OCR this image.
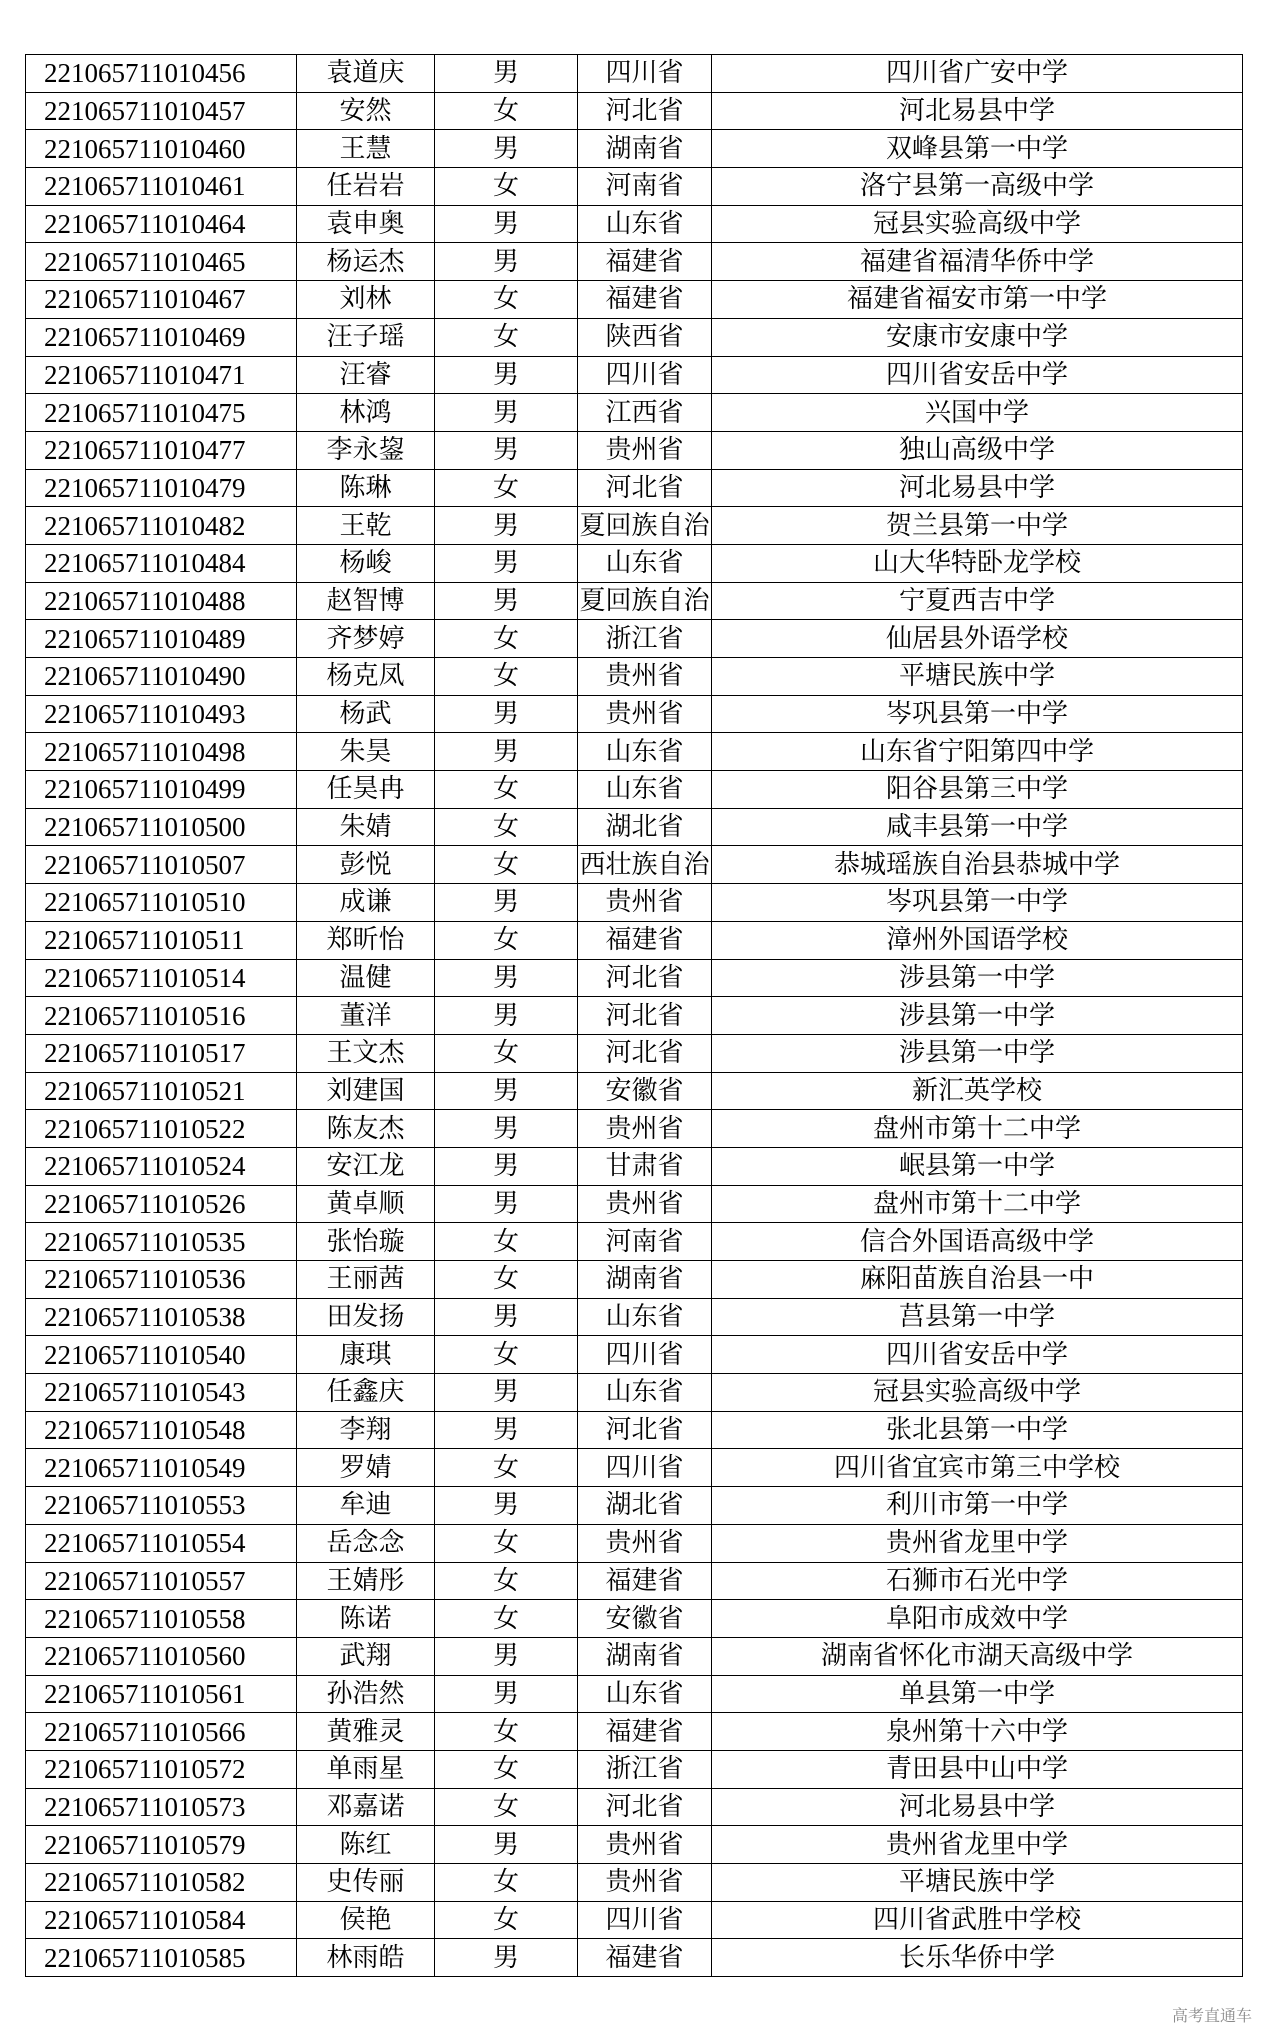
221065711010456	袁道庆	男	四川省	四川省广安中学
221065711010457	安然	女	河北省	河北易县中学
221065711010460	王慧	男	湖南省	双峰县第一中学
221065711010461	任岩岩	女	河南省	洛宁县第一高级中学
221065711010464	袁申奥	男	山东省	冠县实验高级中学
221065711010465	杨运杰	男	福建省	福建省福清华侨中学
221065711010467	刘林	女	福建省	福建省福安市第一中学
221065711010469	汪子瑶	女	陕西省	安康市安康中学
221065711010471	汪睿	男	四川省	四川省安岳中学
221065711010475	林鸿	男	江西省	兴国中学
221065711010477	李永鋆	男	贵州省	独山高级中学
221065711010479	陈琳	女	河北省	河北易县中学
221065711010482	王乾	男	夏回族自治	贺兰县第一中学
221065711010484	杨峻	男	山东省	山大华特卧龙学校
221065711010488	赵智博	男	夏回族自治	宁夏西吉中学
221065711010489	齐梦婷	女	浙江省	仙居县外语学校
221065711010490	杨克凤	女	贵州省	平塘民族中学
221065711010493	杨武	男	贵州省	岑巩县第一中学
221065711010498	朱昊	男	山东省	山东省宁阳第四中学
221065711010499	任昊冉	女	山东省	阳谷县第三中学
221065711010500	朱婧	女	湖北省	咸丰县第一中学
221065711010507	彭悦	女	西壮族自治	恭城瑶族自治县恭城中学
221065711010510	成谦	男	贵州省	岑巩县第一中学
221065711010511	郑昕怡	女	福建省	漳州外国语学校
221065711010514	温健	男	河北省	涉县第一中学
221065711010516	董洋	男	河北省	涉县第一中学
221065711010517	王文杰	女	河北省	涉县第一中学
221065711010521	刘建国	男	安徽省	新汇英学校
221065711010522	陈友杰	男	贵州省	盘州市第十二中学
221065711010524	安江龙	男	甘肃省	岷县第一中学
221065711010526	黄卓顺	男	贵州省	盘州市第十二中学
221065711010535	张怡璇	女	河南省	信合外国语高级中学
221065711010536	王丽茜	女	湖南省	麻阳苗族自治县一中
221065711010538	田发扬	男	山东省	莒县第一中学
221065711010540	康琪	女	四川省	四川省安岳中学
221065711010543	任鑫庆	男	山东省	冠县实验高级中学
221065711010548	李翔	男	河北省	张北县第一中学
221065711010549	罗婧	女	四川省	四川省宜宾市第三中学校
221065711010553	牟迪	男	湖北省	利川市第一中学
221065711010554	岳念念	女	贵州省	贵州省龙里中学
221065711010557	王婧彤	女	福建省	石狮市石光中学
221065711010558	陈诺	女	安徽省	阜阳市成效中学
221065711010560	武翔	男	湖南省	湖南省怀化市湖天高级中学
221065711010561	孙浩然	男	山东省	单县第一中学
221065711010566	黄雅灵	女	福建省	泉州第十六中学
221065711010572	单雨星	女	浙江省	青田县中山中学
221065711010573	邓嘉诺	女	河北省	河北易县中学
221065711010579	陈红	男	贵州省	贵州省龙里中学
221065711010582	史传丽	女	贵州省	平塘民族中学
221065711010584	侯艳	女	四川省	四川省武胜中学校
221065711010585	林雨皓	男	福建省	长乐华侨中学
高考直通车
